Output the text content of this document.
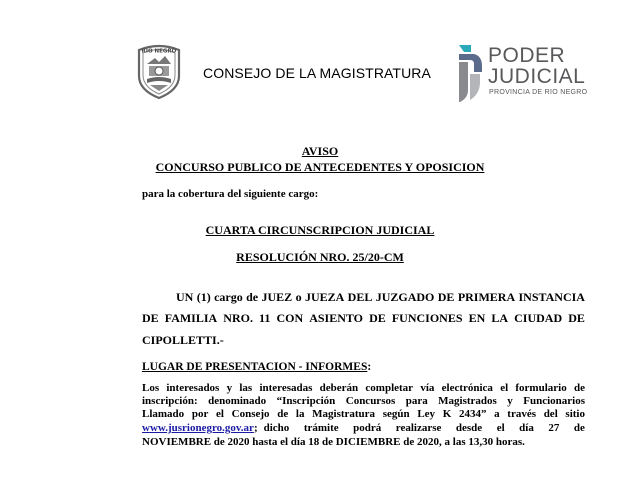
RIO NEGRO
CONSEJO DE LA MAGISTRATURA
PODER
JUDICIAL
PROVINCIA DE RIO NEGRO
AVISO
CONCURSO PUBLICO DE ANTECEDENTES Y OPOSICION
para la cobertura del siguiente cargo:
CUARTA CIRCUNSCRIPCION JUDICIAL
RESOLUCIÓN NRO. 25/20-CM
UN (1) cargo de JUEZ o JUEZA DEL JUZGADO DE PRIMERA INSTANCIA
DE FAMILIA NRO. 11 CON ASIENTO DE FUNCIONES EN LA CIUDAD DE
CIPOLLETTI.-
LUGAR DE PRESENTACION - INFORMES:
Los interesados y las interesadas deberán completar vía electrónica el formulario de
inscripción: denominado “Inscripción Concursos para Magistrados y Funcionarios
Llamado por el Consejo de la Magistratura según Ley K 2434” a través del sitio
www.jusrionegro.gov.ar; dicho trámite podrá realizarse desde el día 27 de
NOVIEMBRE de 2020 hasta el día 18 de DICIEMBRE de 2020, a las 13,30 horas.
